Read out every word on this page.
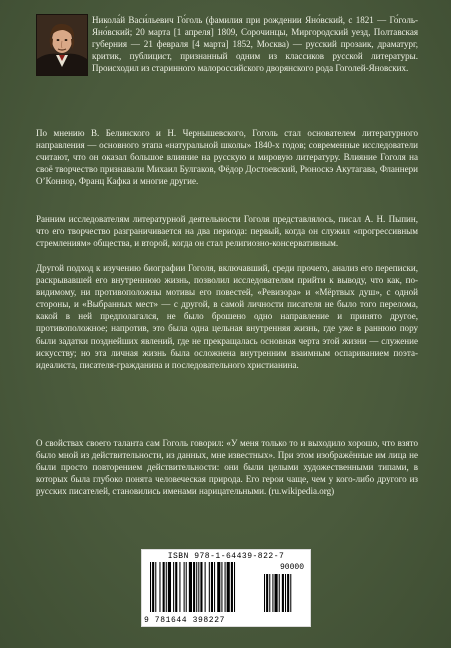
Никола́й Васи́льевич Го́голь (фамилия при рождении Яно́вский, с 1821 — Го́голь-Яно́вский; 20 марта [1 апреля] 1809, Сорочинцы, Миргородский уезд, Полтавская губерния — 21 февраля [4 марта] 1852, Москва) — русский прозаик, драматург, критик, публицист, признанный одним из классиков русской литературы. Происходил из старинного малороссийского дворянского рода Гоголей-Яновских.

По мнению В. Белинского и Н. Чернышевского, Гоголь стал основателем литературного направления — основного этапа «натуральной школы» 1840-х годов; современные исследователи считают, что он оказал большое влияние на русскую и мировую литературу. Влияние Гоголя на своё творчество признавали Михаил Булгаков, Фёдор Достоевский, Рюноскэ Акутагава, Фланнери О’Коннор, Франц Кафка и многие другие.

Ранним исследователям литературной деятельности Гоголя представлялось, писал А. Н. Пыпин, что его творчество разграничивается на два периода: первый, когда он служил «прогрессивным стремлениям» общества, и второй, когда он стал религиозно-консервативным.

Другой подход к изучению биографии Гоголя, включавший, среди прочего, анализ его переписки, раскрывавшей его внутреннюю жизнь, позволил исследователям прийти к выводу, что как, по-видимому, ни противоположны мотивы его повестей, «Ревизора» и «Мёртвых душ», с одной стороны, и «Выбранных мест» — с другой, в самой личности писателя не было того перелома, какой в ней предполагался, не было брошено одно направление и принято другое, противоположное; напротив, это была одна цельная внутренняя жизнь, где уже в раннюю пору были задатки позднейших явлений, где не прекращалась основная черта этой жизни — служение искусству; но эта личная жизнь была осложнена внутренним взаимным оспариванием поэта-идеалиста, писателя-гражданина и последовательного христианина.

О свойствах своего таланта сам Гоголь говорил: «У меня только то и выходило хорошо, что взято было мной из действительности, из данных, мне известных». При этом изображённые им лица не были просто повторением действительности: они были целыми художественными типами, в которых была глубоко понята человеческая природа. Его герои чаще, чем у кого-либо другого из русских писателей, становились именами нарицательными. (ru.wikipedia.org)

ISBN 978-1-64439-822-7
90000
9 781644 398227
